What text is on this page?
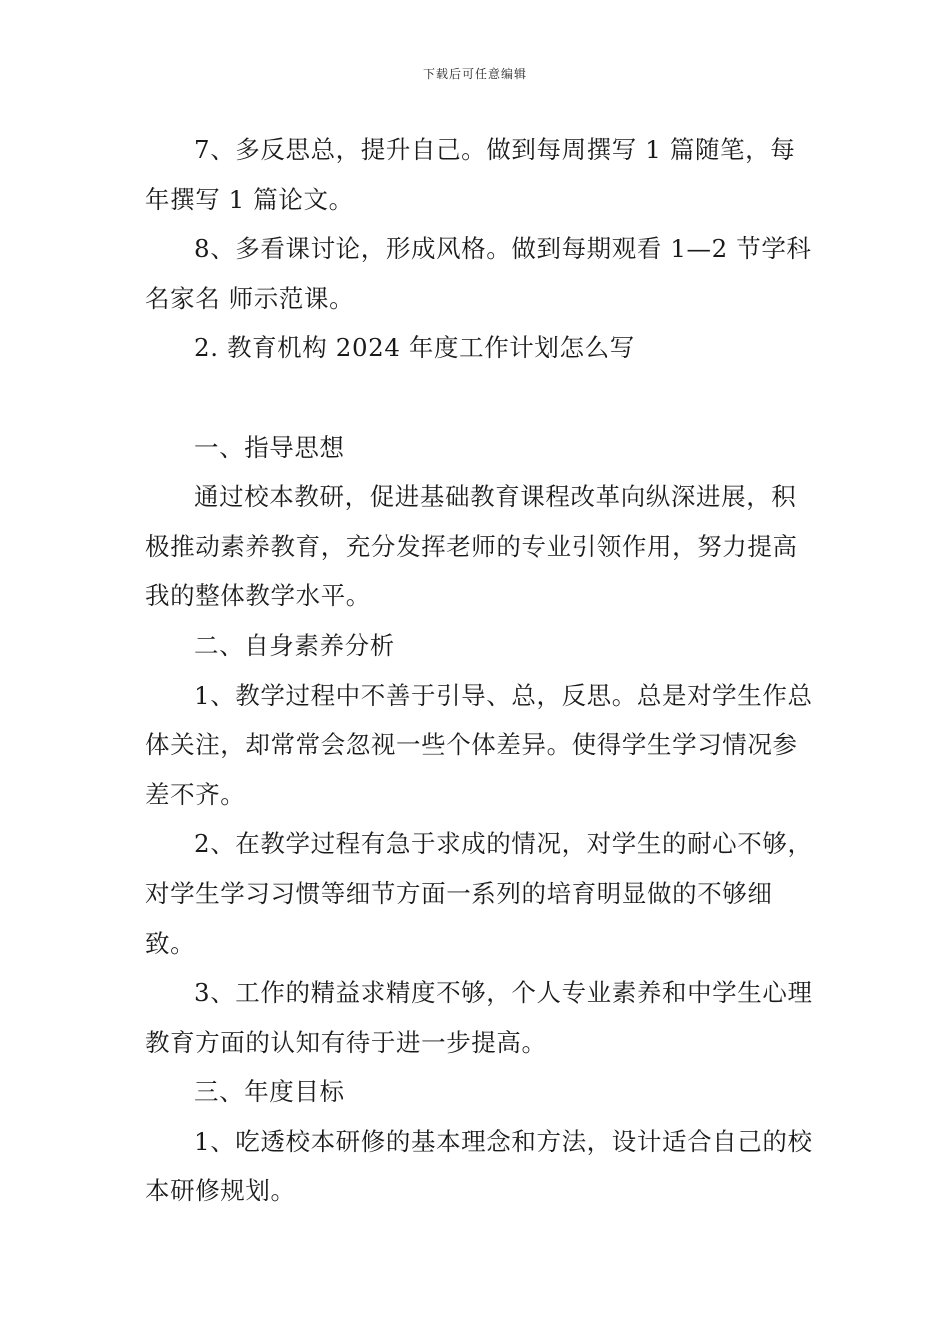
下载后可任意编辑

7、多反思总，提升自己。做到每周撰写 1 篇随笔，每年撰写 1 篇论文。

8、多看课讨论，形成风格。做到每期观看 1—2 节学科名家名 师示范课。

2. 教育机构 2024 年度工作计划怎么写

一、指导思想

通过校本教研，促进基础教育课程改革向纵深进展，积极推动素养教育，充分发挥老师的专业引领作用，努力提高我的整体教学水平。

二、自身素养分析

1、教学过程中不善于引导、总，反思。总是对学生作总体关注，却常常会忽视一些个体差异。使得学生学习情况参差不齐。

2、在教学过程有急于求成的情况，对学生的耐心不够，对学生学习习惯等细节方面一系列的培育明显做的不够细致。

3、工作的精益求精度不够，个人专业素养和中学生心理教育方面的认知有待于进一步提高。

三、年度目标

1、吃透校本研修的基本理念和方法，设计适合自己的校本研修规划。
